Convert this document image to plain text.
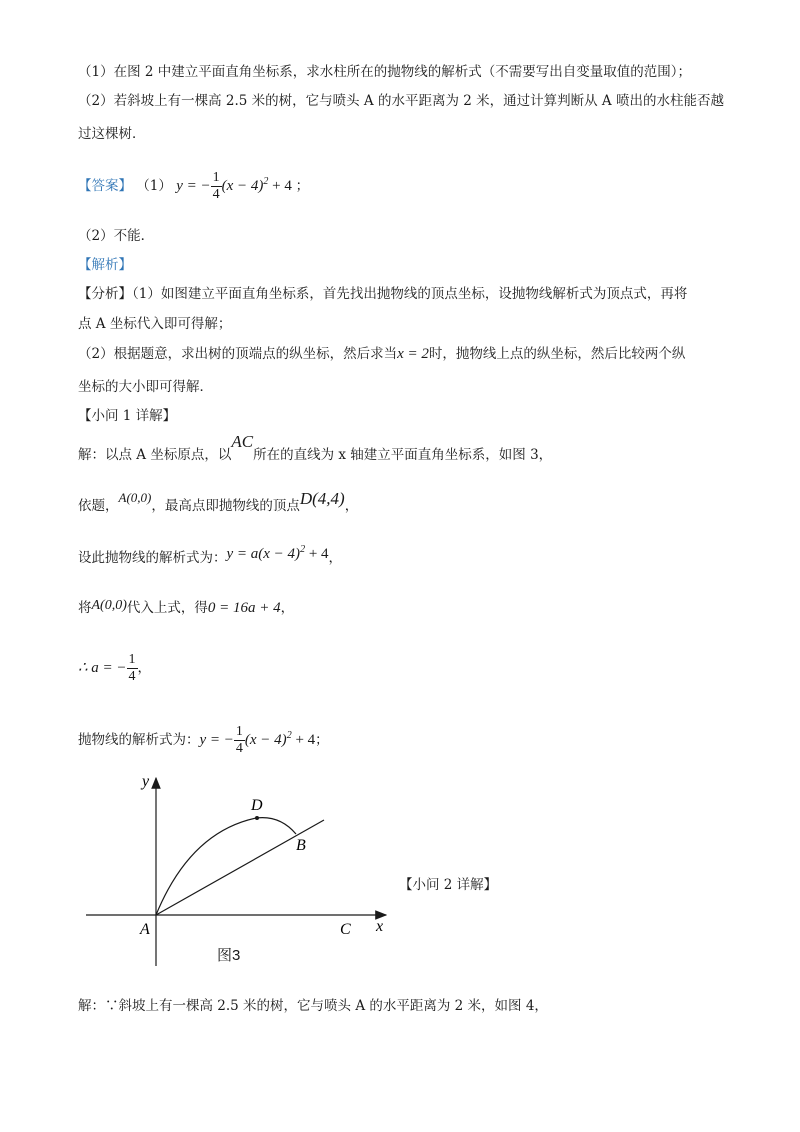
（1）在图 2 中建立平面直角坐标系，求水柱所在的抛物线的解析式（不需要写出自变量取值的范围）；
（2）若斜坡上有一棵高 2.5 米的树，它与喷头 A 的水平距离为 2 米，通过计算判断从 A 喷出的水柱能否越
过这棵树．
【答案】 （1） y = − $\frac{1}{4} (x - 4)^2 + 4$ ；
（2）不能．
【解析】
【分析】（1）如图建立平面直角坐标系，首先找出抛物线的顶点坐标，设抛物线解析式为顶点式，再将
点 A 坐标代入即可得解；
（2）根据题意，求出树的顶端点的纵坐标，然后求当x = 2时，抛物线上点的纵坐标，然后比较两个纵
坐标的大小即可得解．
【小问 1 详解】
解：以点 A 坐标原点，以AC所在的直线为 x 轴建立平面直角坐标系，如图 3，
依题，A(0,0)，最高点即抛物线的顶点D(4,4)，
设此抛物线的解析式为：$y = a(x - 4)^2 + 4$，
将A(0,0)代入上式，得0 = 16a + 4，
∴ a = − $\frac{1}{4}$ ，
抛物线的解析式为：y = − $\frac{1}{4} (x - 4)^2 + 4$；
y
x
A	C
B
D
图3
【小问 2 详解】
解：∵斜坡上有一棵高 2.5 米的树，它与喷头 A 的水平距离为 2 米，如图 4，
